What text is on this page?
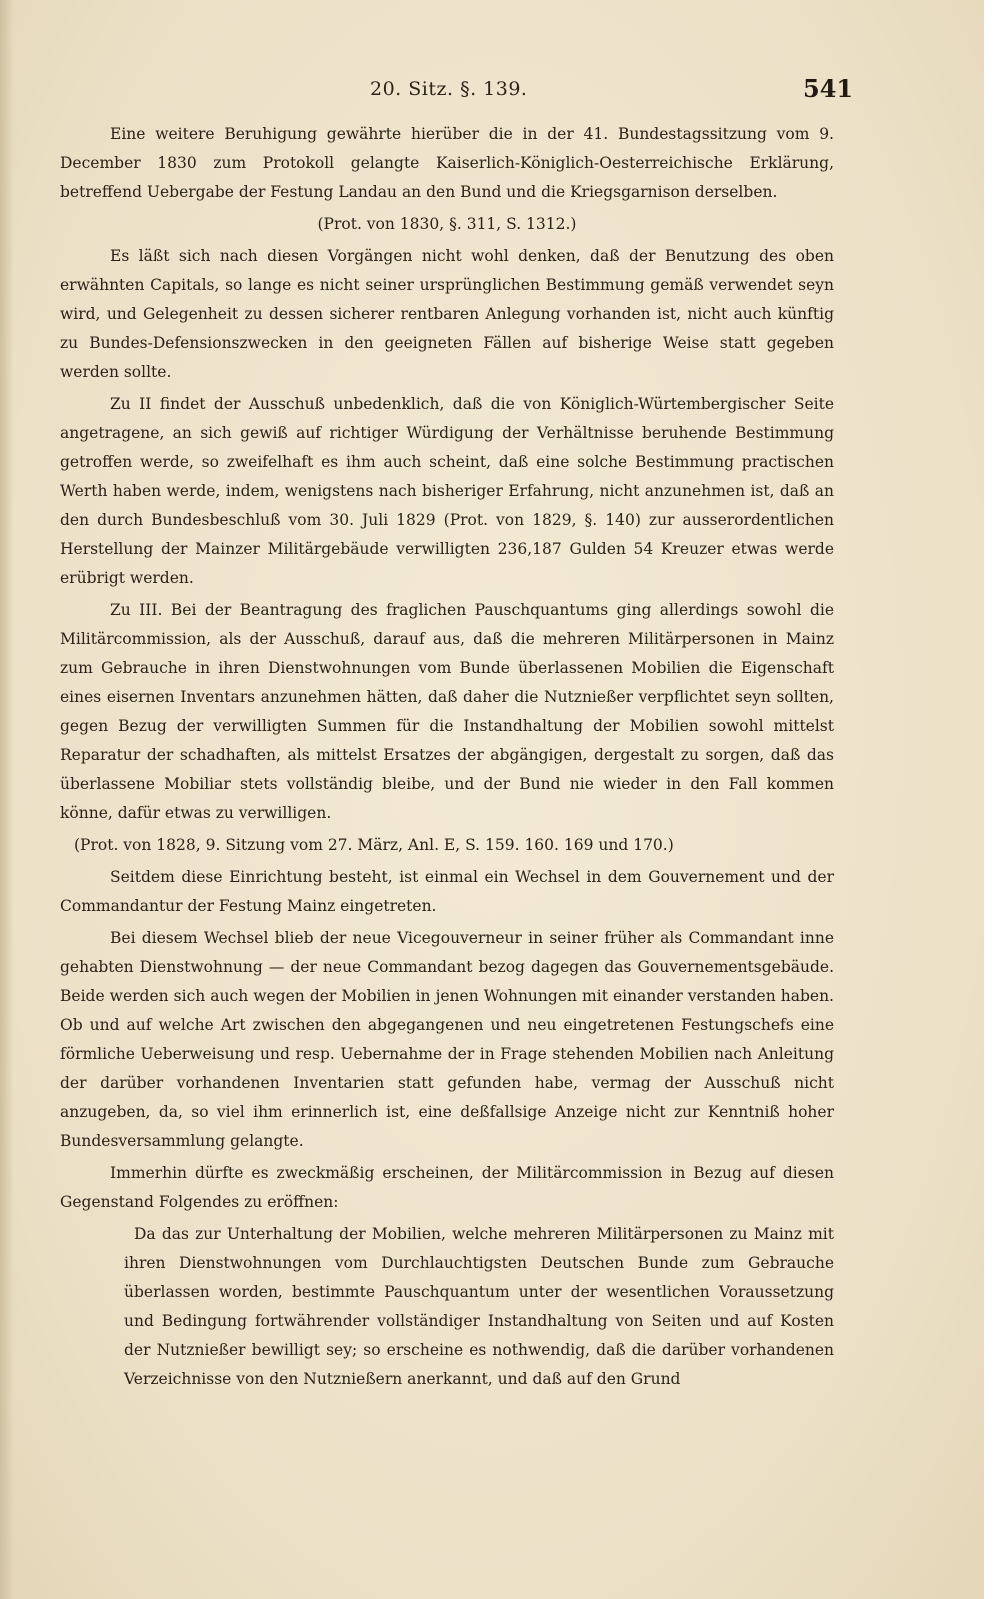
20. Sitz. §. 139.	541

Eine weitere Beruhigung gewährte hierüber die in der 41. Bundestagssitzung vom 9. December 1830 zum Protokoll gelangte Kaiserlich-Königlich-Oesterreichische Erklärung, betreffend Uebergabe der Festung Landau an den Bund und die Kriegsgarnison derselben.

(Prot. von 1830, §. 311, S. 1312.)

Es läßt sich nach diesen Vorgängen nicht wohl denken, daß der Benutzung des oben erwähnten Capitals, so lange es nicht seiner ursprünglichen Bestimmung gemäß verwendet seyn wird, und Gelegenheit zu dessen sicherer rentbaren Anlegung vorhanden ist, nicht auch künftig zu Bundes-Defensionszwecken in den geeigneten Fällen auf bisherige Weise statt gegeben werden sollte.

Zu II findet der Ausschuß unbedenklich, daß die von Königlich-Würtembergischer Seite angetragene, an sich gewiß auf richtiger Würdigung der Verhältnisse beruhende Bestimmung getroffen werde, so zweifelhaft es ihm auch scheint, daß eine solche Bestimmung practischen Werth haben werde, indem, wenigstens nach bisheriger Erfahrung, nicht anzunehmen ist, daß an den durch Bundesbeschluß vom 30. Juli 1829 (Prot. von 1829, §. 140) zur ausserordentlichen Herstellung der Mainzer Militärgebäude verwilligten 236,187 Gulden 54 Kreuzer etwas werde erübrigt werden.

Zu III. Bei der Beantragung des fraglichen Pauschquantums ging allerdings sowohl die Militärcommission, als der Ausschuß, darauf aus, daß die mehreren Militärpersonen in Mainz zum Gebrauche in ihren Dienstwohnungen vom Bunde überlassenen Mobilien die Eigenschaft eines eisernen Inventars anzunehmen hätten, daß daher die Nutznießer verpflichtet seyn sollten, gegen Bezug der verwilligten Summen für die Instandhaltung der Mobilien sowohl mittelst Reparatur der schadhaften, als mittelst Ersatzes der abgängigen, dergestalt zu sorgen, daß das überlassene Mobiliar stets vollständig bleibe, und der Bund nie wieder in den Fall kommen könne, dafür etwas zu verwilligen.

(Prot. von 1828, 9. Sitzung vom 27. März, Anl. E, S. 159. 160. 169 und 170.)

Seitdem diese Einrichtung besteht, ist einmal ein Wechsel in dem Gouvernement und der Commandantur der Festung Mainz eingetreten.

Bei diesem Wechsel blieb der neue Vicegouverneur in seiner früher als Commandant inne gehabten Dienstwohnung — der neue Commandant bezog dagegen das Gouvernementsgebäude. Beide werden sich auch wegen der Mobilien in jenen Wohnungen mit einander verstanden haben. Ob und auf welche Art zwischen den abgegangenen und neu eingetretenen Festungschefs eine förmliche Ueberweisung und resp. Uebernahme der in Frage stehenden Mobilien nach Anleitung der darüber vorhandenen Inventarien statt gefunden habe, vermag der Ausschuß nicht anzugeben, da, so viel ihm erinnerlich ist, eine deßfallsige Anzeige nicht zur Kenntniß hoher Bundesversammlung gelangte.

Immerhin dürfte es zweckmäßig erscheinen, der Militärcommission in Bezug auf diesen Gegenstand Folgendes zu eröffnen:

Da das zur Unterhaltung der Mobilien, welche mehreren Militärpersonen zu Mainz mit ihren Dienstwohnungen vom Durchlauchtigsten Deutschen Bunde zum Gebrauche überlassen worden, bestimmte Pauschquantum unter der wesentlichen Voraussetzung und Bedingung fortwährender vollständiger Instandhaltung von Seiten und auf Kosten der Nutznießer bewilligt sey; so erscheine es nothwendig, daß die darüber vorhandenen Verzeichnisse von den Nutznießern anerkannt, und daß auf den Grund
